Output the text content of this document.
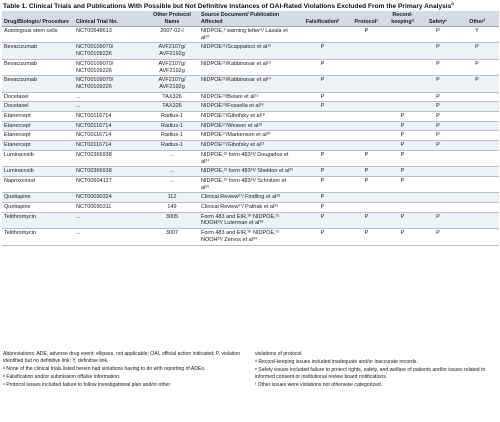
Table 1. Clinical Trials and Publications With Possible but Not Definitive Instances of OAI-Rated Violations Excluded From the Primary Analysis$^a$
Drug/Biologic/ Procedure	Clinical Trial No.	Other Protocol Name	Source Document/ Publication Affected	Falsificationᵇ	Protocolᶜ	Record-keepingᵈ	Safetyᵉ	Otherᶠ
Autologous stem cells	NCT00548613	2007-02-I	NIDPOE,³ warning letter⁹/ Lasala et al¹⁰		P		P	Y
Bevacizumab	NCT00109070/ NCT00109226	AVF2107g/ AVF2192g	NIDPOE¹¹/Scappaticci et al¹²	P			P	P
Bevacizumab	NCT00109070/ NCT00109226	AVF2107g/ AVF2192g	NIDPOE¹¹/Kabbinavar et al¹³	P			P	P
Bevacizumab	NCT00109070/ NCT00109226	AVF2107g/ AVF2192g	NIDPOE¹¹/Kabbinavar et al¹⁴	P			P	P
Docetaxel	...	TAX326	NIDPOE¹³/Belani et al¹⁵	P			P	
Docetaxel	...	TAX326	NIDPOE¹³/Fossella et al¹⁶	P			P	
Etanercept	NCT00116714	Radius-1	NIDPOE¹⁷/Gibofsky et al¹⁸			P	P	
Etanercept	NCT00116714	Radius-1	NIDPOE¹⁷/Weaver et al¹⁹			P	P	
Etanercept	NCT00116714	Radius-1	NIDPOE¹⁷/Markenson et al²⁰			P	P	
Etanercept	NCT00116714	Radius-1	NIDPOE¹⁷/Gibofsky et al²¹			P	P	
Lumiracoxib	NCT00366938	...	NIDPOE,²² form 483²³/ Dougados et al²⁴	P	P	P		
Lumiracoxib	NCT00366938	...	NIDPOE,²² form 483²³/ Sheldon et al²⁵	P	P	P		
Naproxcinod	NCT00504127	...	NIDPOE,²² form 483²³/ Schnitzer et al²⁶	P	P	P		
Quetiapine	NCT00090324	112	Clinical Review²⁷/ Findling et al²⁸	P				
Quetiapine	NCT00090311	149	Clinical Review²⁷/ Pathak et al²⁹	P				
Telithromycin	...	3005	Form 483 and EIR,³⁰ NIDPOE,³¹ NOOH³²/ Luterman et al³³	P	P	P	P	
Telithromycin	...	3007	Form 483 and EIR,³⁰ NIDPOE,³¹ NOOH³²/ Zervos et al³⁴	P	P	P	P	

Abbreviations: ADE, adverse drug event; ellipses, not applicable; OAI, official action indicated; P, violation identified but no definitive link; Y, definitive link.

ᵃ None of the clinical trials listed herein had violations having to do with reporting of ADEs.

ᵇ Falsification and/or submission offalse information.

ᶜ Protocol issues included failure to follow investigational plan and/or other

violations of protocol.

ᵈ Record-keeping issues included inadequate and/or inaccurate records.

ᵉ Safety issues included failure to protect rights, safety, and welfare of patients and/or issues related to informed consent or institutional review board notifications.

ᶠ Other issues were violations not otherwise categorized.
